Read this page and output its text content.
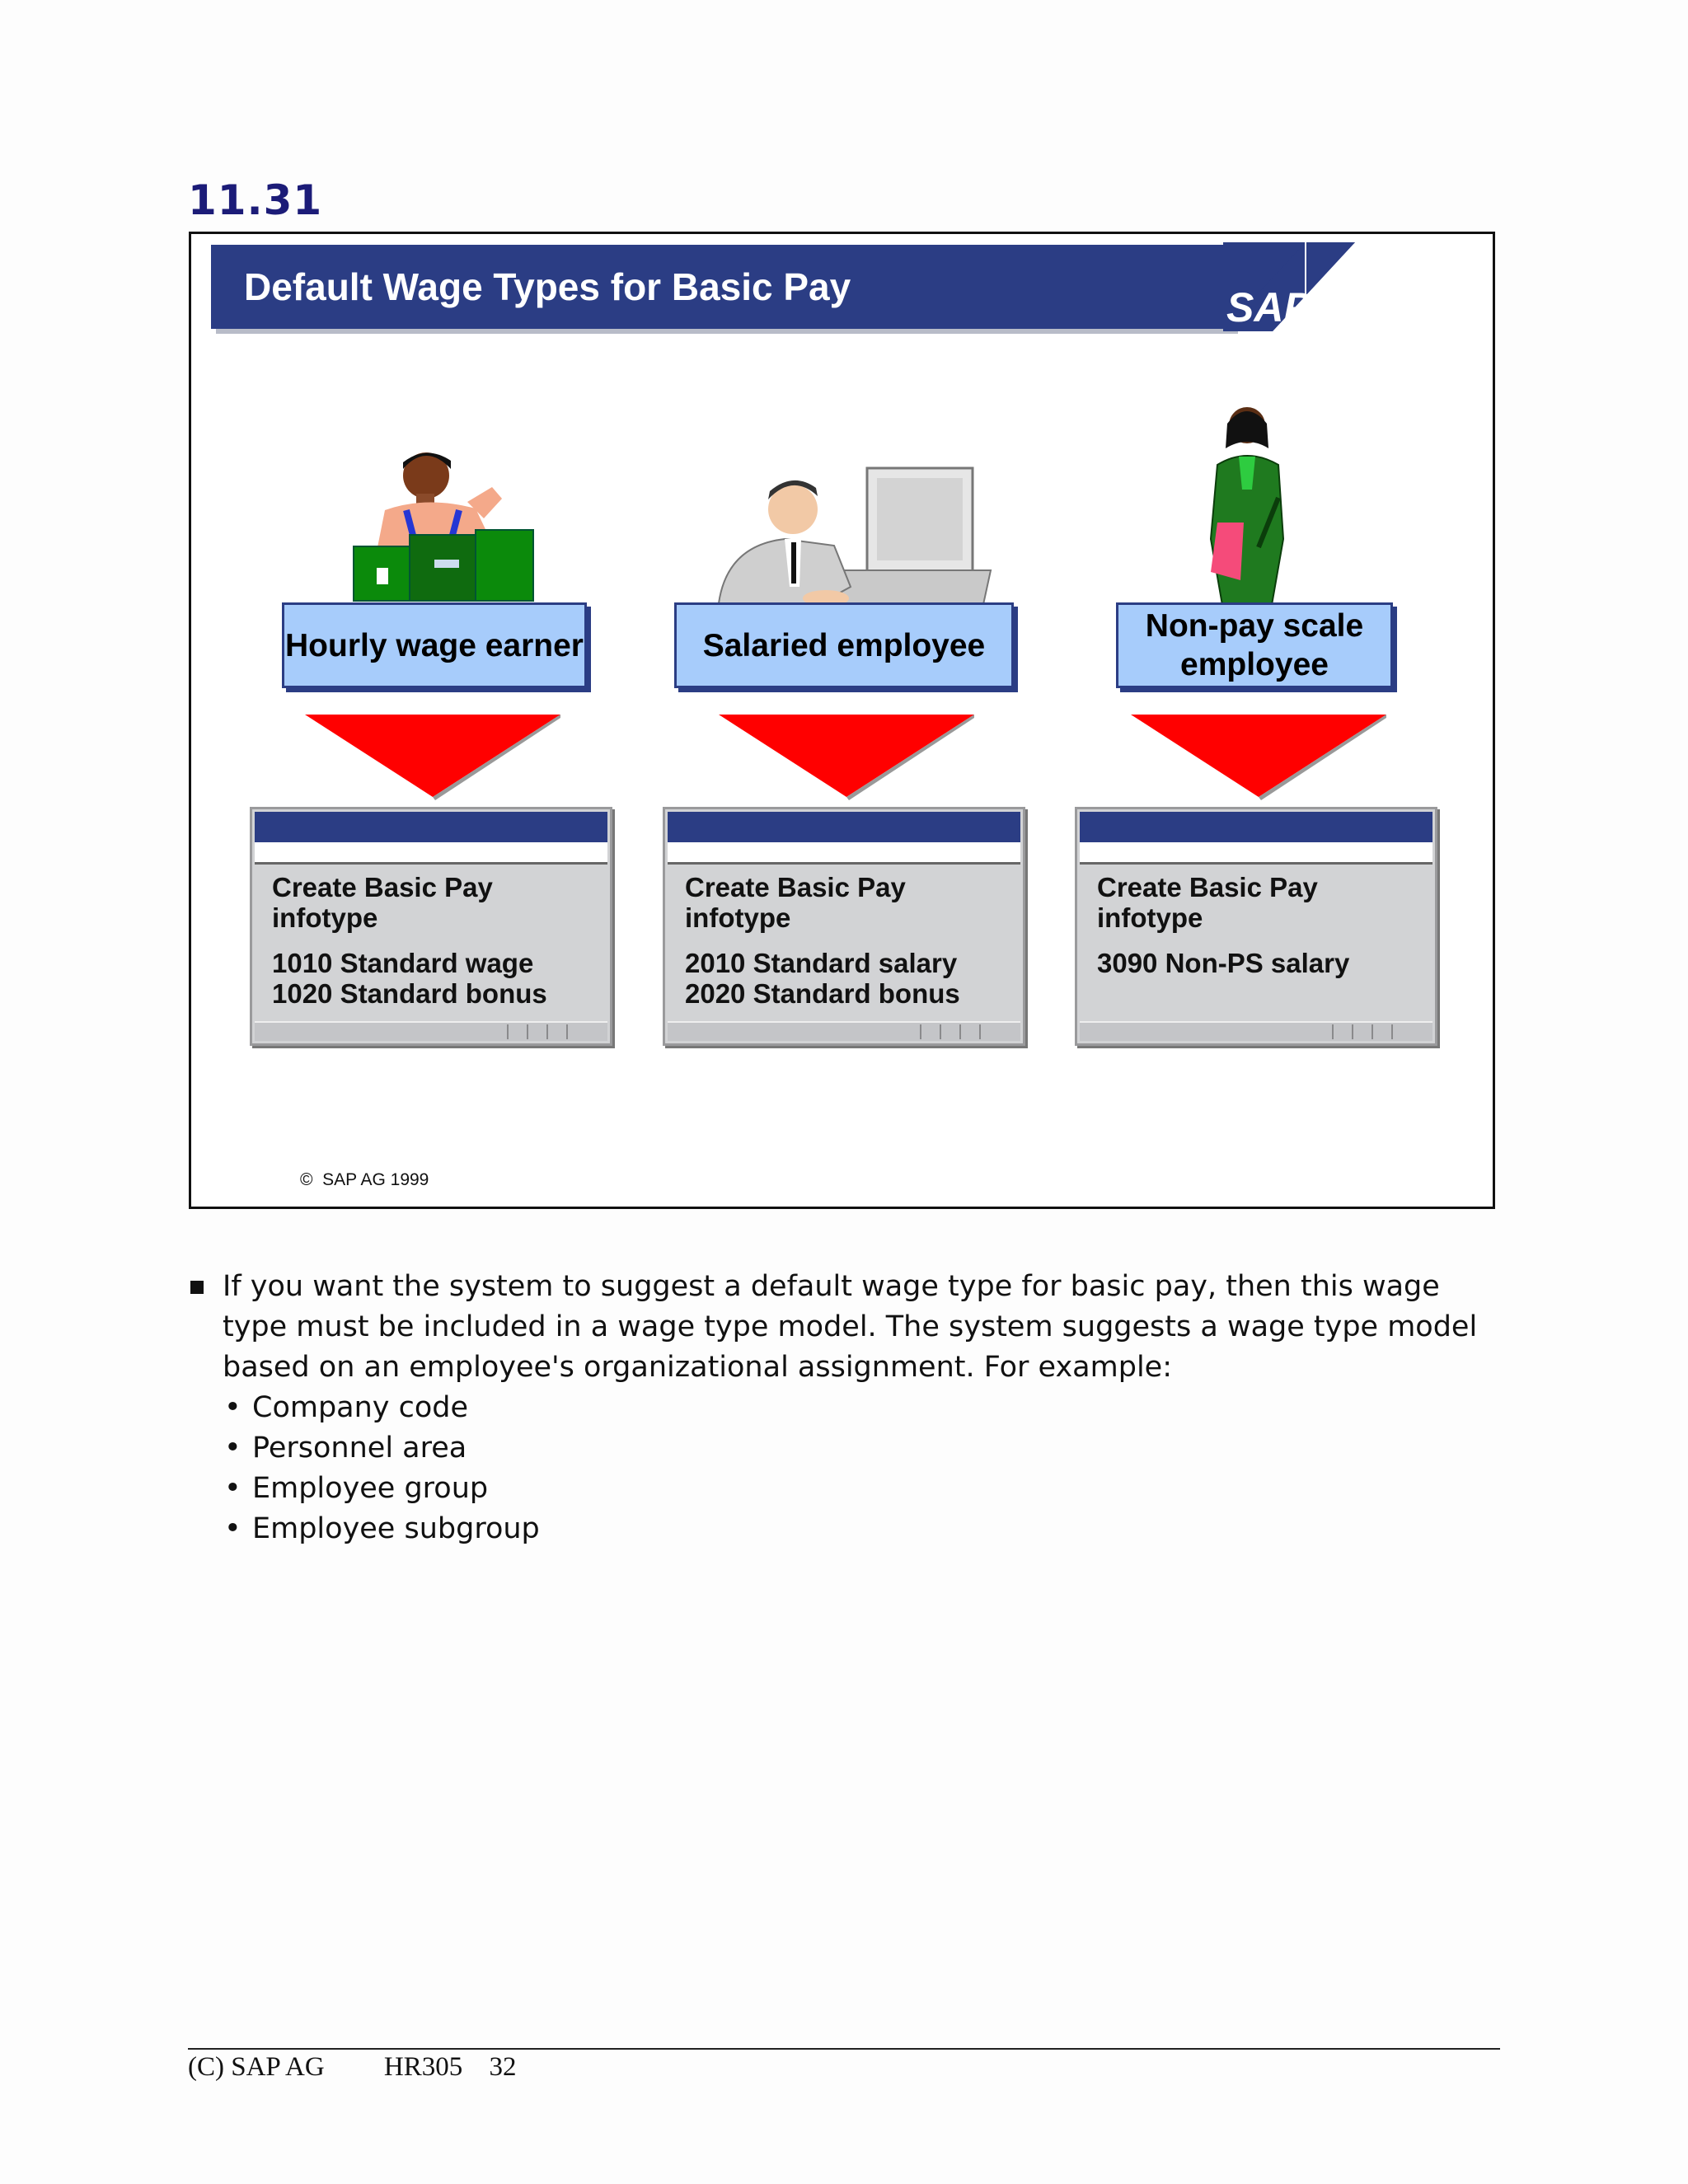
11.31
Default Wage Types for Basic Pay	SAP
Hourly wage earner	Salaried employee
Non-pay scale employee
Create Basic Pay infotype
1010 Standard wage
1020 Standard bonus
Create Basic Pay infotype
2010 Standard salary
2020 Standard bonus
Create Basic Pay infotype
3090 Non-PS salary
© SAP AG 1999
If you want the system to suggest a default wage type for basic pay, then this wage type must be included in a wage type model. The system suggests a wage type model based on an employee's organizational assignment. For example:
• Company code
• Personnel area
• Employee group
• Employee subgroup
(C) SAP AG HR305 32
